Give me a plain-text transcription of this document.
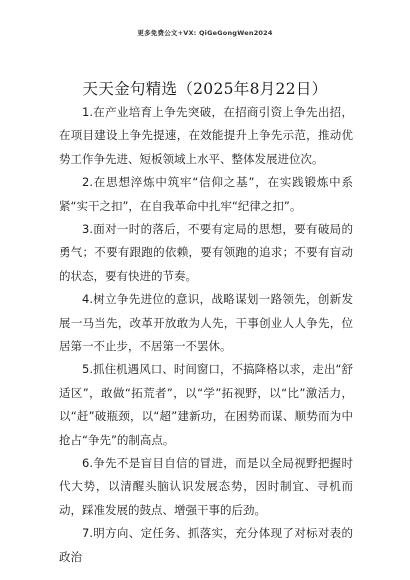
更多免费公文+VX: QiGeGongWen2024
天天金句精选（2025年8月22日）

1.在产业培育上争先突破，在招商引资上争先出招，在项目建设上争先提速，在效能提升上争先示范，推动优势工作争先进、短板领域上水平、整体发展进位次。

2.在思想淬炼中筑牢“信仰之基”，在实践锻炼中系紧“实干之扣”，在自我革命中扎牢“纪律之扣”。

3.面对一时的落后，不要有定局的思想，要有破局的勇气；不要有跟跑的依赖，要有领跑的追求；不要有盲动的状态，要有快进的节奏。

4.树立争先进位的意识，战略谋划一路领先，创新发展一马当先，改革开放敢为人先，干事创业人人争先，位居第一不止步，不居第一不罢休。

5.抓住机遇风口、时间窗口，不搞降格以求，走出“舒适区”，敢做“拓荒者”，以“学”拓视野，以“比”激活力，以“赶”破瓶颈，以“超”建新功，在困势而谋、顺势而为中抢占“争先”的制高点。

6.争先不是盲目自信的冒进，而是以全局视野把握时代大势，以清醒头脑认识发展态势，因时制宜、寻机而动，踩准发展的鼓点、增强干事的后劲。

7.明方向、定任务、抓落实，充分体现了对标对表的政治
